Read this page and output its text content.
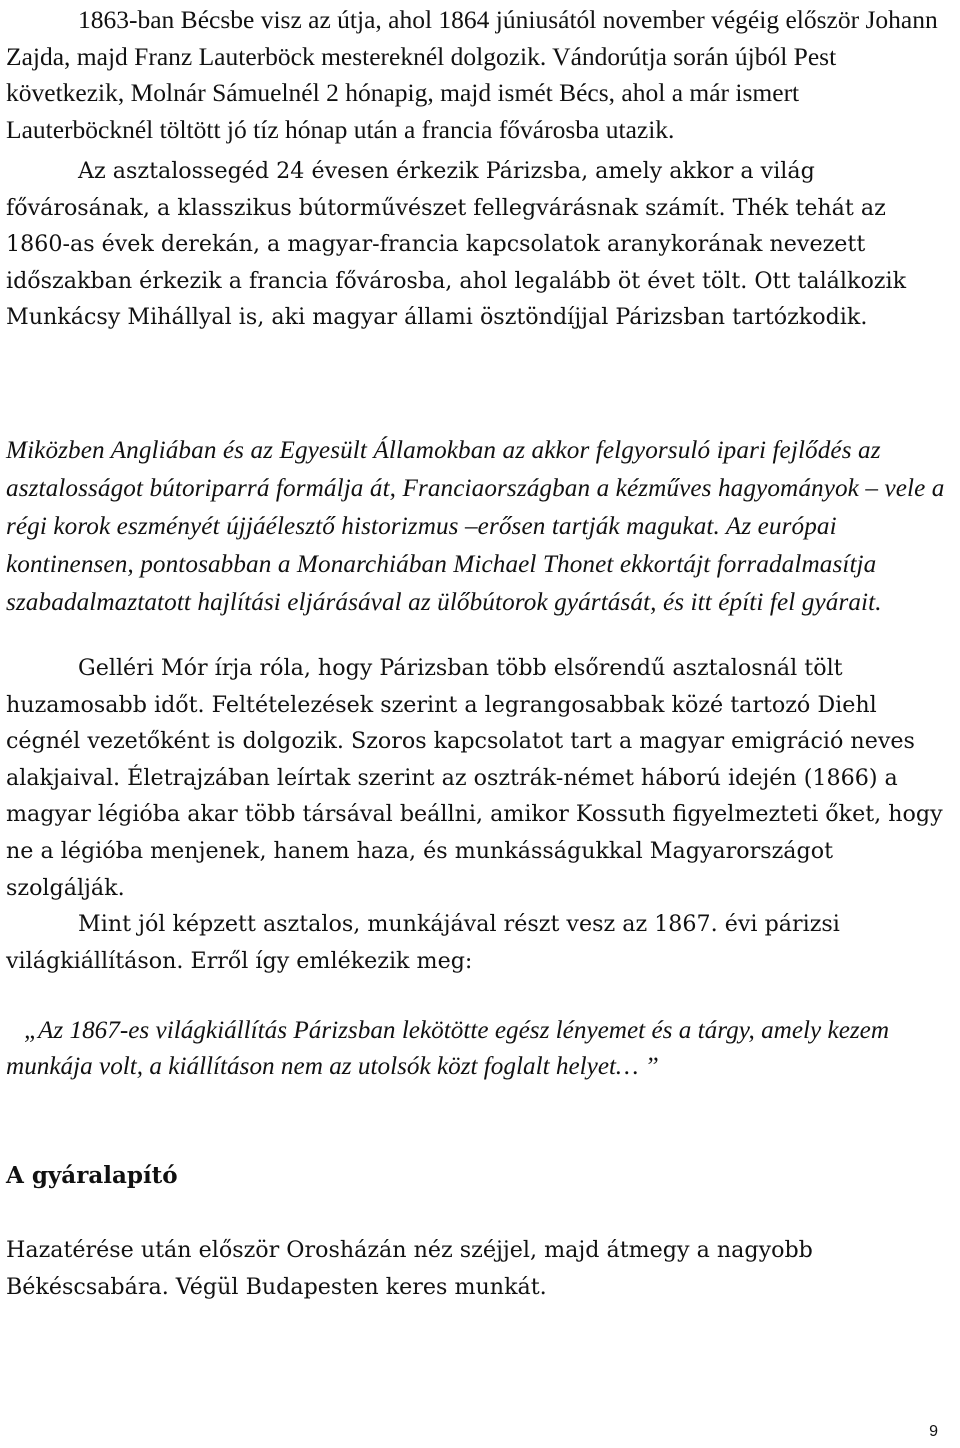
1863-ban Bécsbe visz az útja, ahol 1864 júniusától november végéig először Johann Zajda, majd Franz Lauterböck mestereknél dolgozik. Vándorútja során újból Pest következik, Molnár Sámuelnél 2 hónapig, majd ismét Bécs, ahol a már ismert Lauterböcknél töltött jó tíz hónap után a francia fővárosba utazik.

Az asztalossegéd 24 évesen érkezik Párizsba, amely akkor a világ fővárosának, a klasszikus bútorművészet fellegvárásnak számít. Thék tehát az 1860-as évek derekán, a magyar-francia kapcsolatok aranykorának nevezett időszakban érkezik a francia fővárosba, ahol legalább öt évet tölt. Ott találkozik Munkácsy Mihállyal is, aki magyar állami ösztöndíjjal Párizsban tartózkodik.

Miközben Angliában és az Egyesült Államokban az akkor felgyorsuló ipari fejlődés az asztalosságot bútoriparrá formálja át, Franciaországban a kézműves hagyományok – vele a régi korok eszményét újjáélesztő historizmus –erősen tartják magukat. Az európai kontinensen, pontosabban a Monarchiában Michael Thonet ekkortájt forradalmasítja szabadalmaztatott hajlítási eljárásával az ülőbútorok gyártását, és itt építi fel gyárait.

Gelléri Mór írja róla, hogy Párizsban több elsőrendű asztalosnál tölt huzamosabb időt. Feltételezések szerint a legrangosabbak közé tartozó Diehl cégnél vezetőként is dolgozik. Szoros kapcsolatot tart a magyar emigráció neves alakjaival. Életrajzában leírtak szerint az osztrák-német háború idején (1866) a magyar légióba akar több társával beállni, amikor Kossuth figyelmezteti őket, hogy ne a légióba menjenek, hanem haza, és munkásságukkal Magyarországot szolgálják.

Mint jól képzett asztalos, munkájával részt vesz az 1867. évi párizsi világkiállításon. Erről így emlékezik meg:

„Az 1867-es világkiállítás Párizsban lekötötte egész lényemet és a tárgy, amely kezem munkája volt, a kiállításon nem az utolsók közt foglalt helyet… ”

A gyáralapító

Hazatérése után először Orosházán néz széjjel, majd átmegy a nagyobb Békéscsabára. Végül Budapesten keres munkát.

9
